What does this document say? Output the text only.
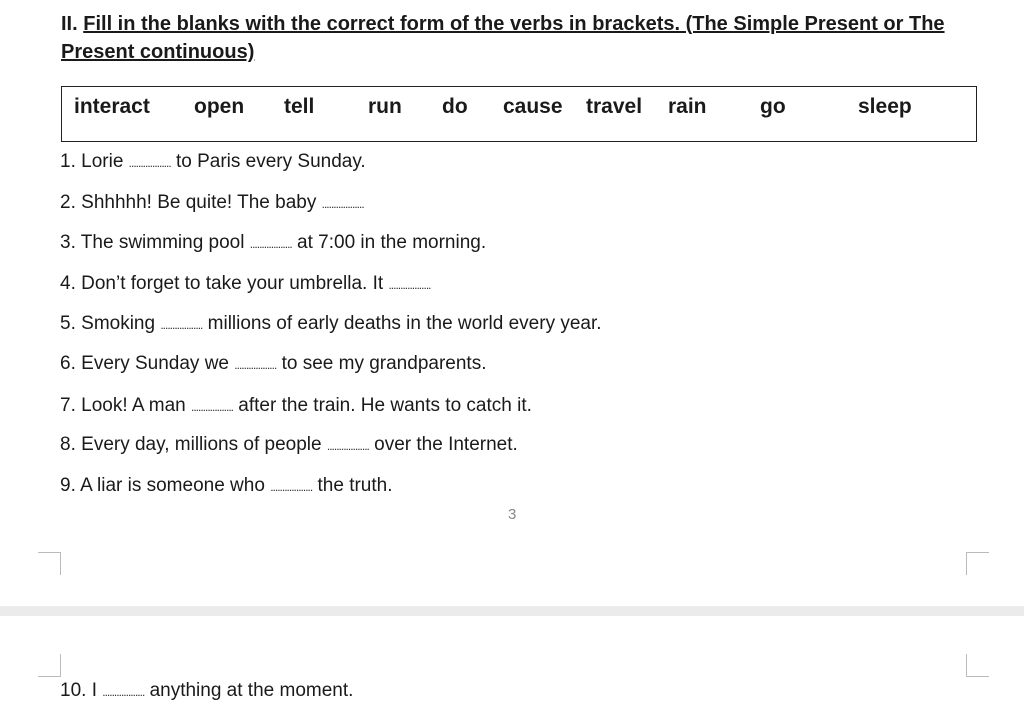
II. Fill in the blanks with the correct form of the verbs in brackets. (The Simple Present or The Present continuous)
interact open tell	run do cause travel rain	go	sleep
1. Lorie .................. to Paris every Sunday.
2. Shhhhh! Be quite! The baby ..................
3. The swimming pool .................. at 7:00 in the morning.
4. Don’t forget to take your umbrella. It ..................
5. Smoking .................. millions of early deaths in the world every year.
6. Every Sunday we .................. to see my grandparents.
7. Look! A man .................. after the train. He wants to catch it.
8. Every day, millions of people .................. over the Internet.
9. A liar is someone who .................. the truth.
3
10. I .................. anything at the moment.
